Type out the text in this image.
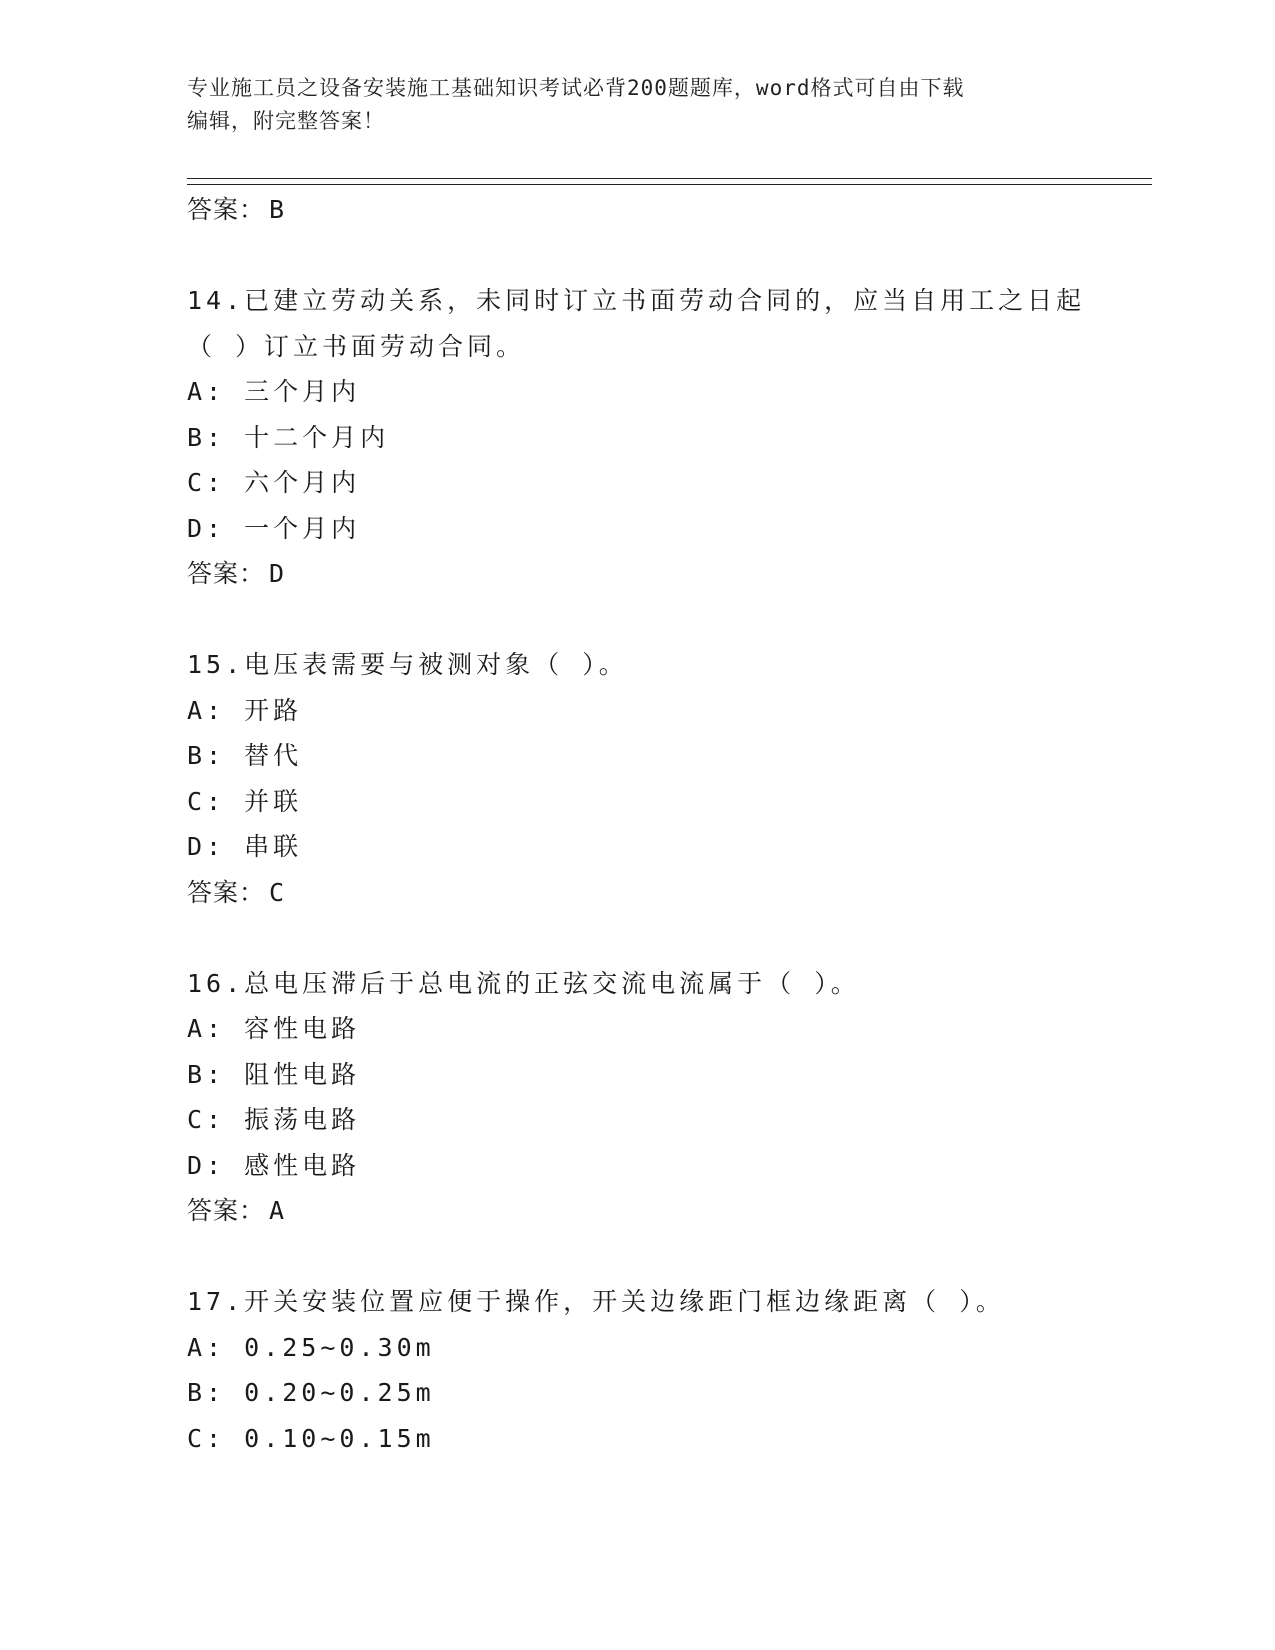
专业施工员之设备安装施工基础知识考试必背200题题库，word格式可自由下载
编辑，附完整答案！
答案： B
14.已建立劳动关系，未同时订立书面劳动合同的，应当自用工之日起
（ ）订立书面劳动合同。
A: 三个月内
B: 十二个月内
C: 六个月内
D: 一个月内
答案： D
15.电压表需要与被测对象（ ）。
A: 开路
B: 替代
C: 并联
D: 串联
答案： C
16.总电压滞后于总电流的正弦交流电流属于（ ）。
A: 容性电路
B: 阻性电路
C: 振荡电路
D: 感性电路
答案： A
17.开关安装位置应便于操作，开关边缘距门框边缘距离（ ）。
A: 0.25~0.30m
B: 0.20~0.25m
C: 0.10~0.15m
